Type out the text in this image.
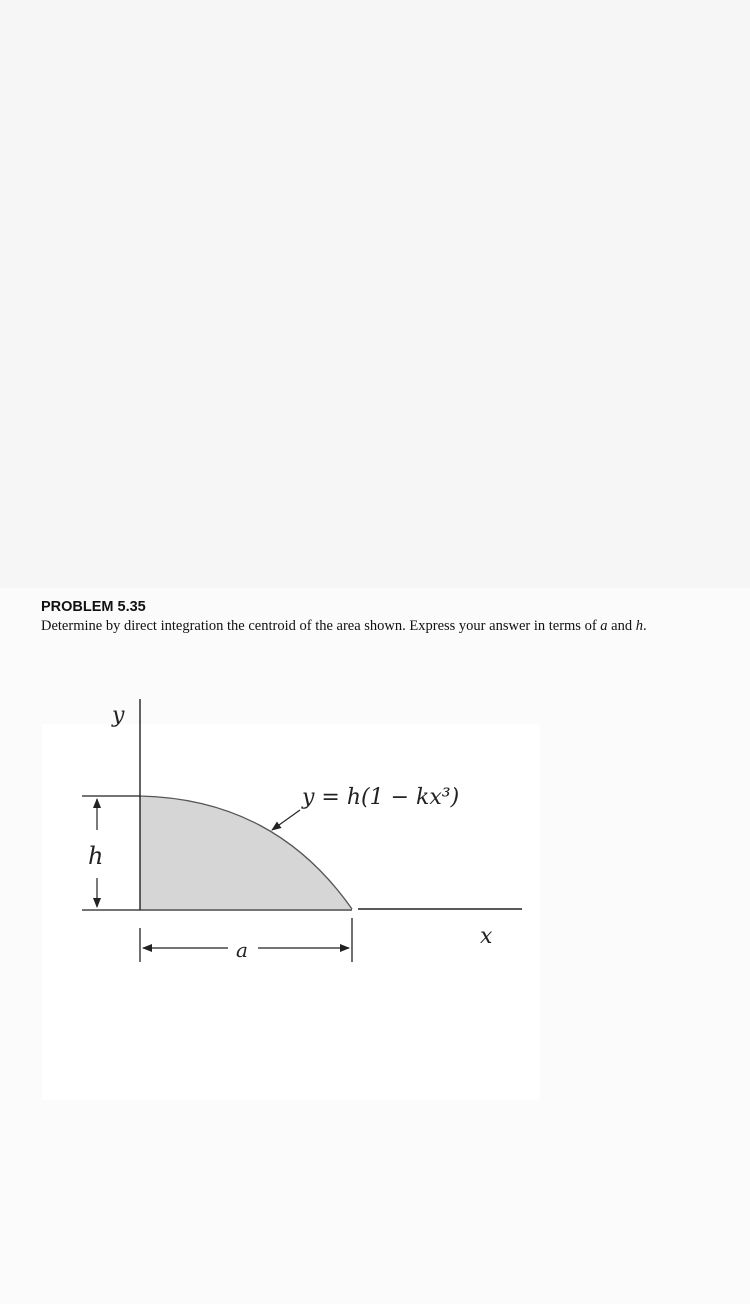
PROBLEM 5.35
Determine by direct integration the centroid of the area shown. Express your answer in terms of a and h.
y
x
h
a
y = h(1 − kx³)
